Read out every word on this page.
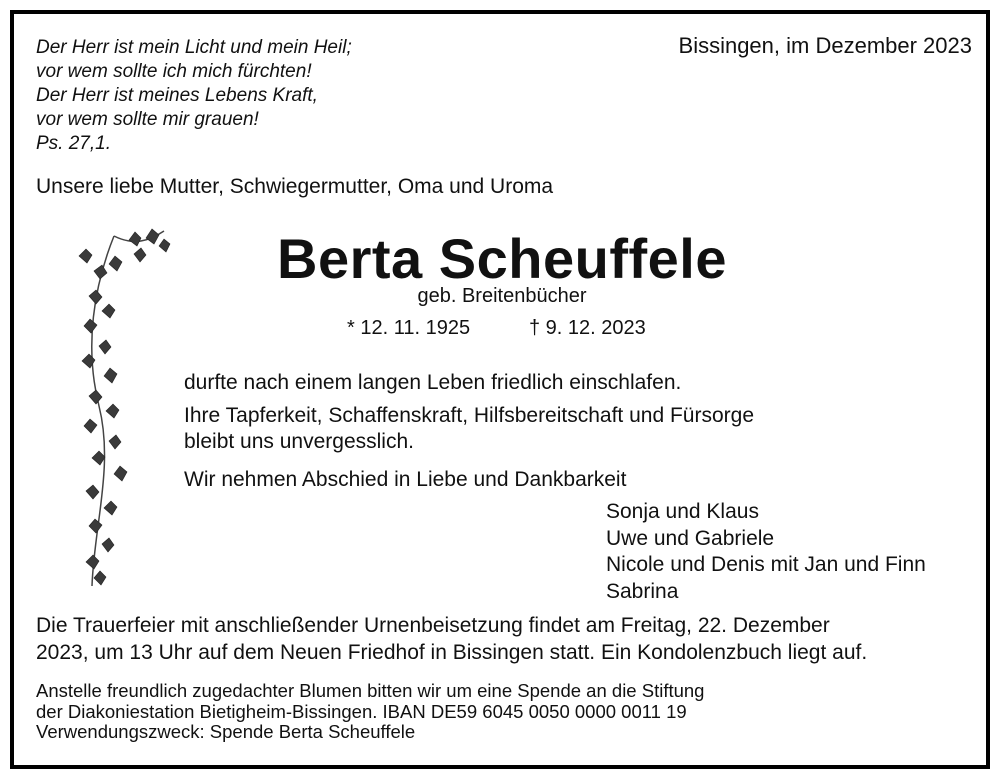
Der Herr ist mein Licht und mein Heil;
vor wem sollte ich mich fürchten!
Der Herr ist meines Lebens Kraft,
vor wem sollte mir grauen!
Ps. 27,1.
Bissingen, im Dezember 2023
Unsere liebe Mutter, Schwiegermutter, Oma und Uroma
Berta Scheuffele
geb. Breitenbücher
* 12. 11. 1925	† 9. 12. 2023
durfte nach einem langen Leben friedlich einschlafen.
Ihre Tapferkeit, Schaffenskraft, Hilfsbereitschaft und Fürsorge
bleibt uns unvergesslich.
Wir nehmen Abschied in Liebe und Dankbarkeit
Sonja und Klaus
Uwe und Gabriele
Nicole und Denis mit Jan und Finn
Sabrina
Die Trauerfeier mit anschließender Urnenbeisetzung findet am Freitag, 22. Dezember
2023, um 13 Uhr auf dem Neuen Friedhof in Bissingen statt. Ein Kondolenzbuch liegt auf.
Anstelle freundlich zugedachter Blumen bitten wir um eine Spende an die Stiftung
der Diakoniestation Bietigheim-Bissingen. IBAN DE59 6045 0050 0000 0011 19
Verwendungszweck: Spende Berta Scheuffele
